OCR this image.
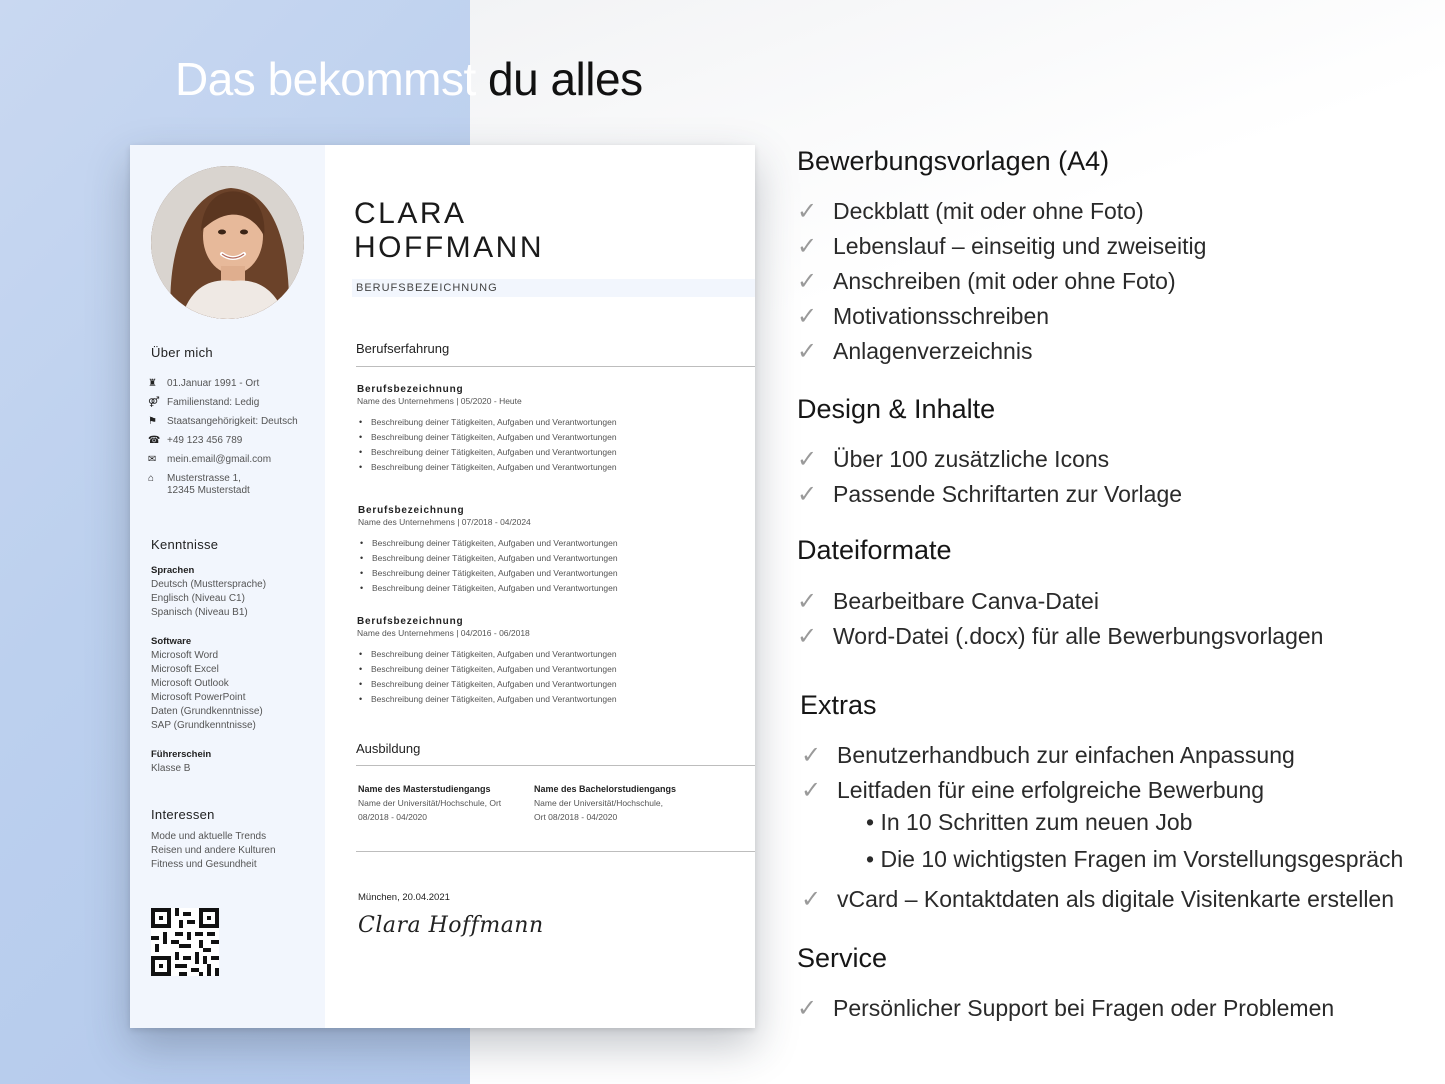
Das bekommst du alles
Über mich
♜	01.Januar 1991 - Ort
⚤ Familienstand: Ledig
⚑	Staatsangehörigkeit: Deutsch
☎ +49 123 456 789
✉	mein.email@gmail.com
⌂	Musterstrasse 1,
12345 Musterstadt
Kenntnisse
Sprachen
Deutsch (Musttersprache)
Englisch (Niveau C1)
Spanisch (Niveau B1)
Software
Microsoft Word
Microsoft Excel
Microsoft Outlook
Microsoft PowerPoint
Daten (Grundkenntnisse)
SAP (Grundkenntnisse)
Führerschein
Klasse B
Interessen
Mode und aktuelle Trends
Reisen und andere Kulturen
Fitness und Gesundheit
CLARA
HOFFMANN
BERUFSBEZEICHNUNG
Berufserfahrung
Berufsbezeichnung
Name des Unternehmens | 05/2020 - Heute
• Beschreibung deiner Tätigkeiten, Aufgaben und Verantwortungen
• Beschreibung deiner Tätigkeiten, Aufgaben und Verantwortungen
• Beschreibung deiner Tätigkeiten, Aufgaben und Verantwortungen
• Beschreibung deiner Tätigkeiten, Aufgaben und Verantwortungen
Berufsbezeichnung
Name des Unternehmens | 07/2018 - 04/2024
• Beschreibung deiner Tätigkeiten, Aufgaben und Verantwortungen
• Beschreibung deiner Tätigkeiten, Aufgaben und Verantwortungen
• Beschreibung deiner Tätigkeiten, Aufgaben und Verantwortungen
• Beschreibung deiner Tätigkeiten, Aufgaben und Verantwortungen
Berufsbezeichnung
Name des Unternehmens | 04/2016 - 06/2018
• Beschreibung deiner Tätigkeiten, Aufgaben und Verantwortungen
• Beschreibung deiner Tätigkeiten, Aufgaben und Verantwortungen
• Beschreibung deiner Tätigkeiten, Aufgaben und Verantwortungen
• Beschreibung deiner Tätigkeiten, Aufgaben und Verantwortungen
Ausbildung
Name des Masterstudiengangs
Name der Universität/Hochschule, Ort
08/2018 - 04/2020
Name des Bachelorstudiengangs
Name der Universität/Hochschule,
Ort 08/2018 - 04/2020
München, 20.04.2021
Clara Hoffmann
Bewerbungsvorlagen (A4)
✓ Deckblatt (mit oder ohne Foto)
✓ Lebenslauf – einseitig und zweiseitig
✓ Anschreiben (mit oder ohne Foto)
✓ Motivationsschreiben
✓ Anlagenverzeichnis
Design & Inhalte
✓ Über 100 zusätzliche Icons
✓ Passende Schriftarten zur Vorlage
Dateiformate
✓ Bearbeitbare Canva-Datei
✓ Word-Datei (.docx) für alle Bewerbungsvorlagen
Extras
✓ Benutzerhandbuch zur einfachen Anpassung
✓ Leitfaden für eine erfolgreiche Bewerbung
• In 10 Schritten zum neuen Job
• Die 10 wichtigsten Fragen im Vorstellungsgespräch
✓ vCard – Kontaktdaten als digitale Visitenkarte erstellen
Service
✓ Persönlicher Support bei Fragen oder Problemen
